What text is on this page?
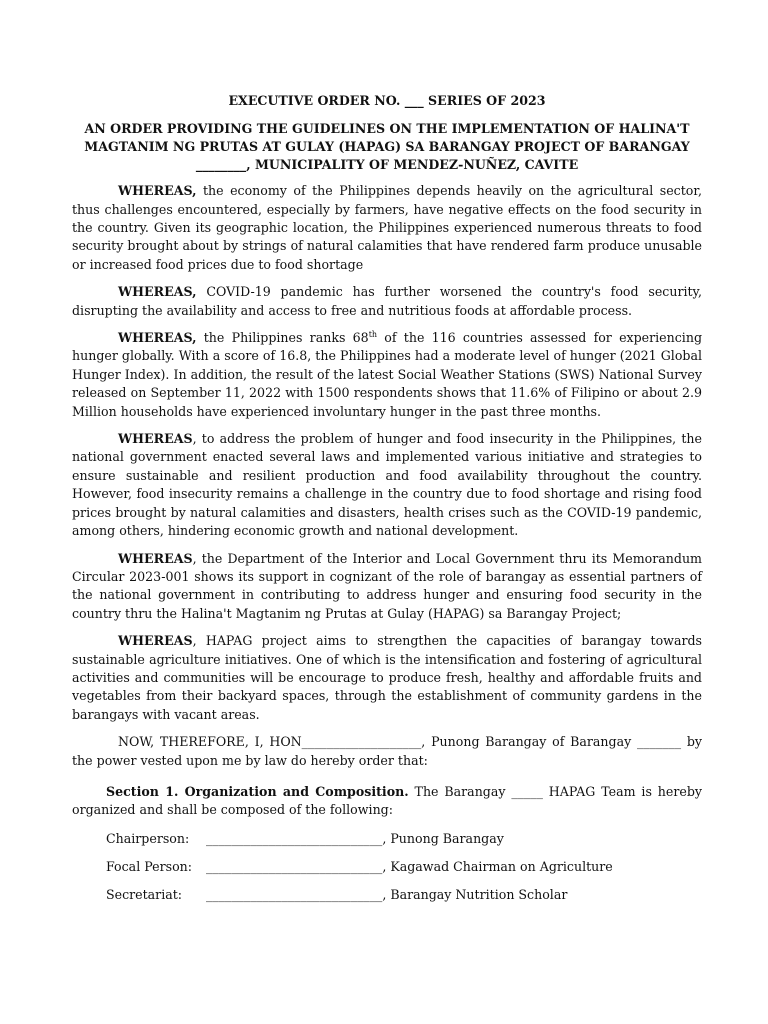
EXECUTIVE ORDER NO. ___ SERIES OF 2023
AN ORDER PROVIDING THE GUIDELINES ON THE IMPLEMENTATION OF HALINA'T MAGTANIM NG PRUTAS AT GULAY (HAPAG) SA BARANGAY PROJECT OF BARANGAY ________, MUNICIPALITY OF MENDEZ-NUÑEZ, CAVITE

WHEREAS, the economy of the Philippines depends heavily on the agricultural sector, thus challenges encountered, especially by farmers, have negative effects on the food security in the country. Given its geographic location, the Philippines experienced numerous threats to food security brought about by strings of natural calamities that have rendered farm produce unusable or increased food prices due to food shortage

WHEREAS, COVID-19 pandemic has further worsened the country's food security, disrupting the availability and access to free and nutritious foods at affordable process.

WHEREAS, the Philippines ranks 68th of the 116 countries assessed for experiencing hunger globally. With a score of 16.8, the Philippines had a moderate level of hunger (2021 Global Hunger Index). In addition, the result of the latest Social Weather Stations (SWS) National Survey released on September 11, 2022 with 1500 respondents shows that 11.6% of Filipino or about 2.9 Million households have experienced involuntary hunger in the past three months.

WHEREAS, to address the problem of hunger and food insecurity in the Philippines, the national government enacted several laws and implemented various initiative and strategies to ensure sustainable and resilient production and food availability throughout the country. However, food insecurity remains a challenge in the country due to food shortage and rising food prices brought by natural calamities and disasters, health crises such as the COVID-19 pandemic, among others, hindering economic growth and national development.

WHEREAS, the Department of the Interior and Local Government thru its Memorandum Circular 2023-001 shows its support in cognizant of the role of barangay as essential partners of the national government in contributing to address hunger and ensuring food security in the country thru the Halina't Magtanim ng Prutas at Gulay (HAPAG) sa Barangay Project;

WHEREAS, HAPAG project aims to strengthen the capacities of barangay towards sustainable agriculture initiatives. One of which is the intensification and fostering of agricultural activities and communities will be encourage to produce fresh, healthy and affordable fruits and vegetables from their backyard spaces, through the establishment of community gardens in the barangays with vacant areas.

NOW, THEREFORE, I, HON___________________, Punong Barangay of Barangay _______ by the power vested upon me by law do hereby order that:

Section 1. Organization and Composition. The Barangay _____ HAPAG Team is hereby organized and shall be composed of the following:

Chairperson:	____________________________ , Punong Barangay
Focal Person:	____________________________ , Kagawad Chairman on Agriculture
Secretariat:	____________________________ , Barangay Nutrition Scholar
